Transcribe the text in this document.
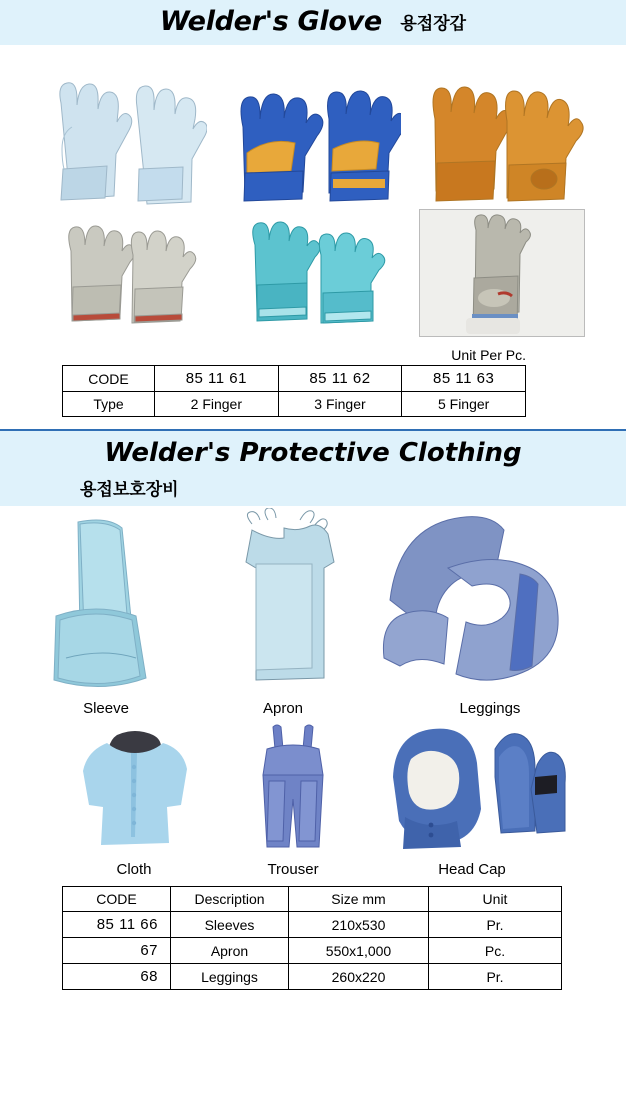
Welder's Glove 용접장갑
Unit Per Pc.
CODE	85 11 61	85 11 62	85 11 63
Type	2 Finger	3 Finger	5 Finger
Welder's Protective Clothing
용접보호장비
Sleeve	Apron	Leggings
Cloth	Trouser	Head Cap
CODE	Description	Size mm	Unit
85 11 66	Sleeves	210x530	Pr.
67	Apron	550x1,000	Pc.
68	Leggings	260x220	Pr.
